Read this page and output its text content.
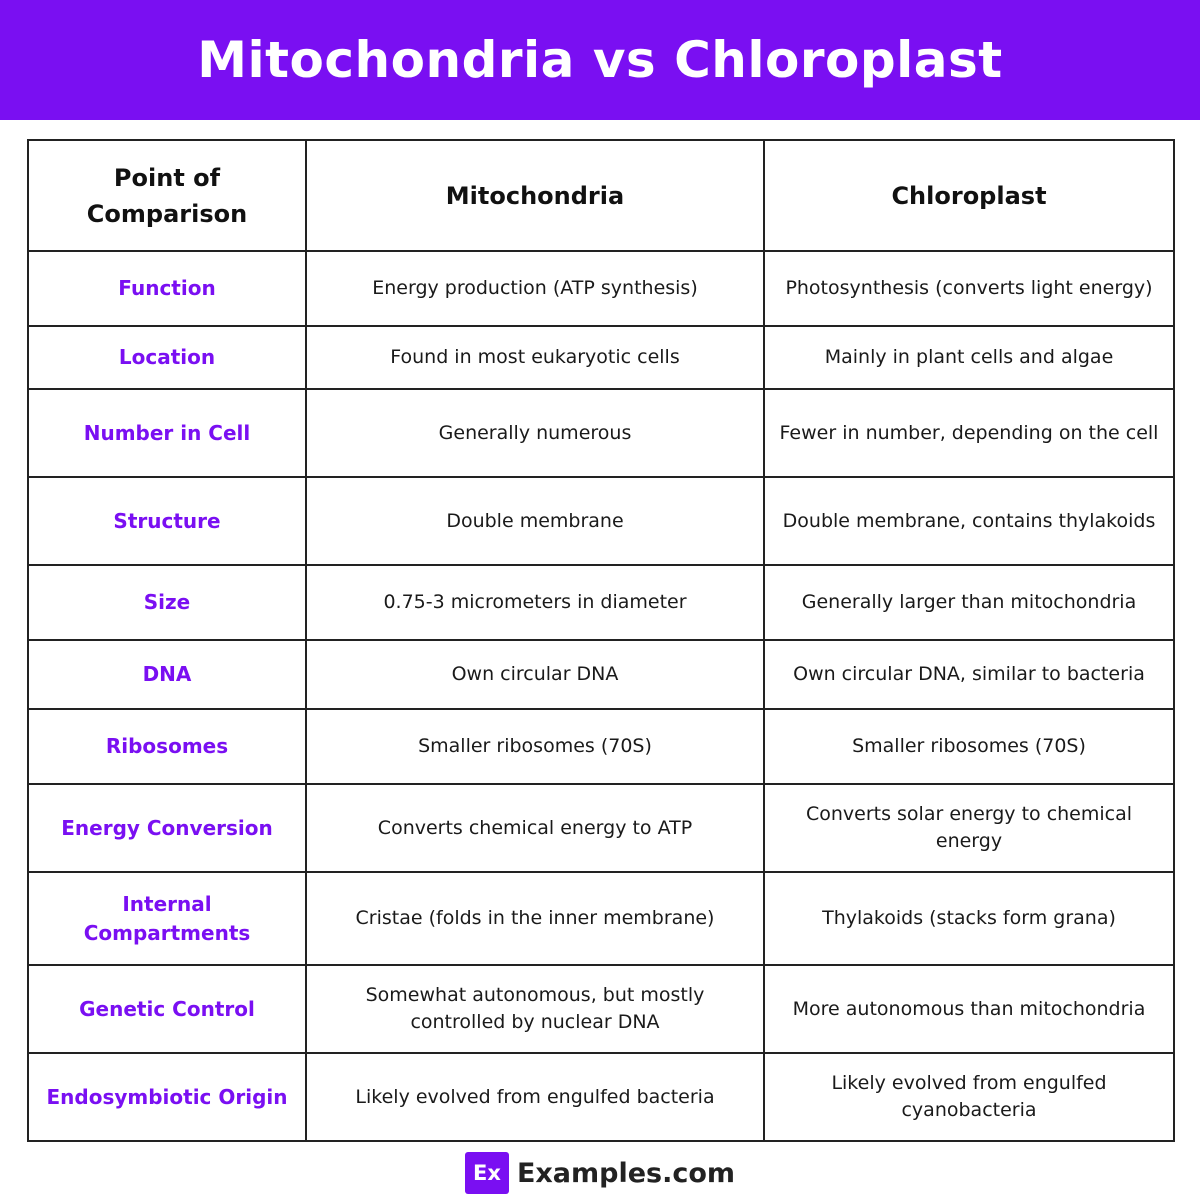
Mitochondria vs Chloroplast
Point of
Comparison	Mitochondria	Chloroplast
Function	Energy production (ATP synthesis)	Photosynthesis (converts light energy)
Location	Found in most eukaryotic cells	Mainly in plant cells and algae
Number in Cell	Generally numerous	Fewer in number, depending on the cell
Structure	Double membrane	Double membrane, contains thylakoids
Size	0.75-3 micrometers in diameter	Generally larger than mitochondria
DNA	Own circular DNA	Own circular DNA, similar to bacteria
Ribosomes	Smaller ribosomes (70S)	Smaller ribosomes (70S)
Energy Conversion	Converts chemical energy to ATP	Converts solar energy to chemical energy
Internal Compartments	Cristae (folds in the inner membrane)	Thylakoids (stacks form grana)
Genetic Control	Somewhat autonomous, but mostly controlled by nuclear DNA	More autonomous than mitochondria
Endosymbiotic Origin	Likely evolved from engulfed bacteria	Likely evolved from engulfed cyanobacteria
Ex Examples.com
